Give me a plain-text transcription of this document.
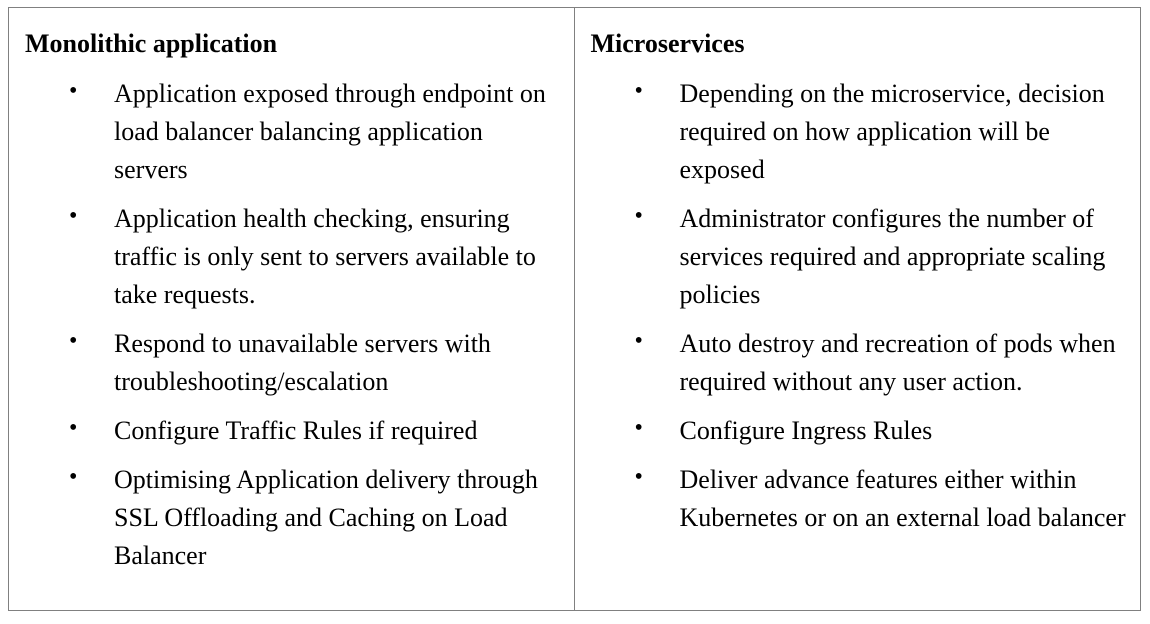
Monolithic application
• Application exposed through endpoint on load balancer balancing application servers
• Application health checking, ensuring traffic is only sent to servers available to take requests.
• Respond to unavailable servers with troubleshooting/escalation
• Configure Traffic Rules if required
• Optimising Application delivery through SSL Offloading and Caching on Load Balancer
Microservices
• Depending on the microservice, decision required on how application will be exposed
• Administrator configures the number of services required and appropriate scaling policies
• Auto destroy and recreation of pods when required without any user action.
• Configure Ingress Rules
• Deliver advance features either within Kubernetes or on an external load balancer
